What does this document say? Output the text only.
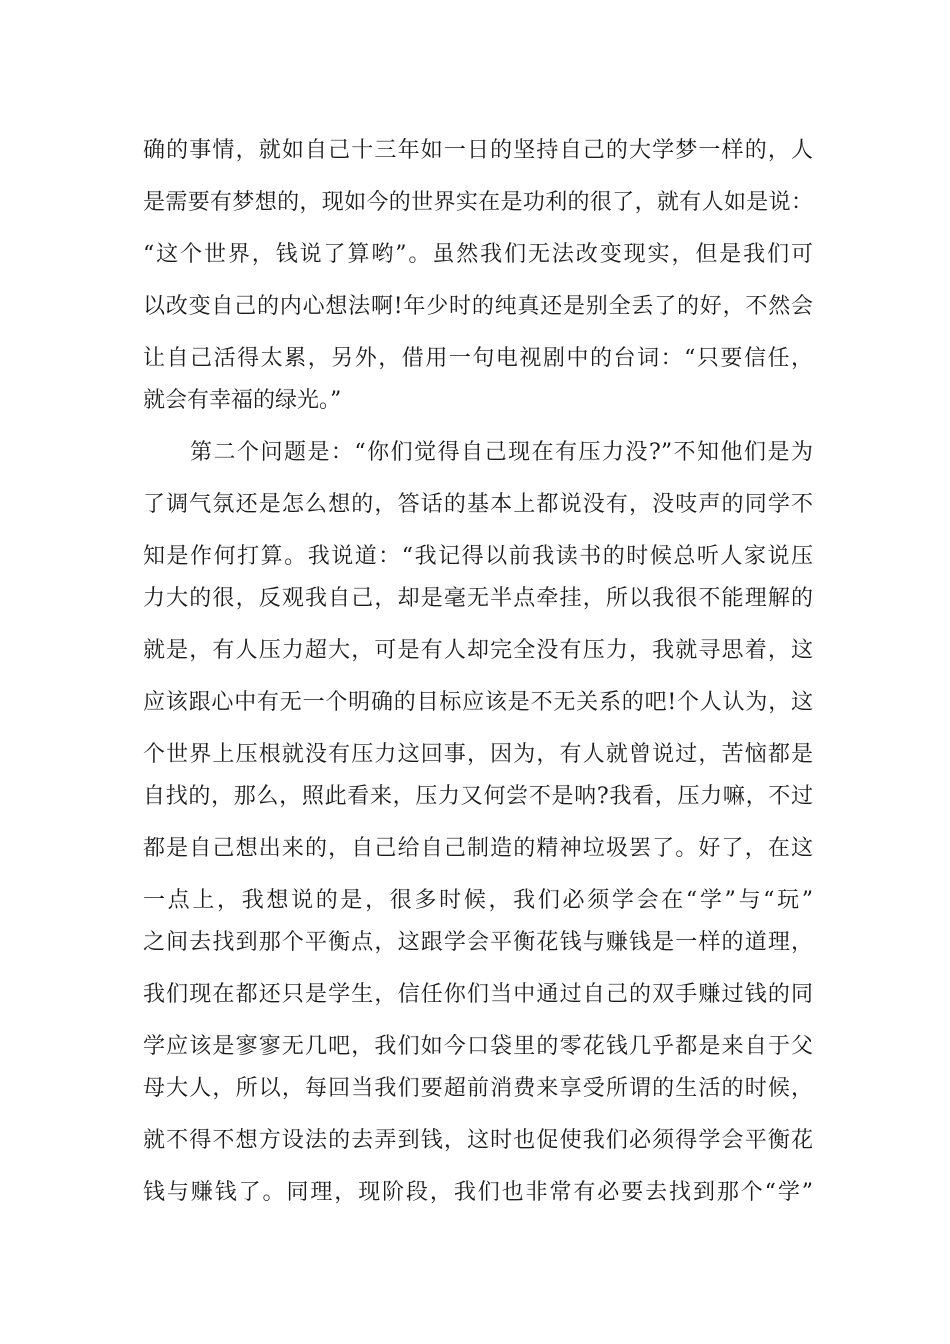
确的事情，就如自己十三年如一日的坚持自己的大学梦一样的，人
是需要有梦想的，现如今的世界实在是功利的很了，就有人如是说：
“这个世界，钱说了算哟”。虽然我们无法改变现实，但是我们可
以改变自己的内心想法啊!年少时的纯真还是别全丢了的好，不然会
让自己活得太累，另外，借用一句电视剧中的台词：“只要信任，
就会有幸福的绿光。”
第二个问题是：“你们觉得自己现在有压力没?”不知他们是为
了调气氛还是怎么想的，答话的基本上都说没有，没吱声的同学不
知是作何打算。我说道：“我记得以前我读书的时候总听人家说压
力大的很，反观我自己，却是毫无半点牵挂，所以我很不能理解的
就是，有人压力超大，可是有人却完全没有压力，我就寻思着，这
应该跟心中有无一个明确的目标应该是不无关系的吧!个人认为，这
个世界上压根就没有压力这回事，因为，有人就曾说过，苦恼都是
自找的，那么，照此看来，压力又何尝不是呐?我看，压力嘛，不过
都是自己想出来的，自己给自己制造的精神垃圾罢了。好了，在这
一点上，我想说的是，很多时候，我们必须学会在“学”与“玩”
之间去找到那个平衡点，这跟学会平衡花钱与赚钱是一样的道理，
我们现在都还只是学生，信任你们当中通过自己的双手赚过钱的同
学应该是寥寥无几吧，我们如今口袋里的零花钱几乎都是来自于父
母大人，所以，每回当我们要超前消费来享受所谓的生活的时候，
就不得不想方设法的去弄到钱，这时也促使我们必须得学会平衡花
钱与赚钱了。同理，现阶段，我们也非常有必要去找到那个“学”
